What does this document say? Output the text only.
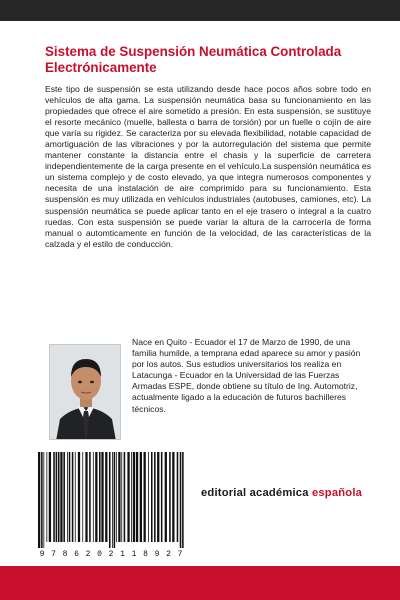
Sistema de Suspensión Neumática Controlada Electrónicamente

Este tipo de suspensión se esta utilizando desde hace pocos años sobre todo en vehículos de alta gama. La suspensión neumática basa su funcionamiento en las propiedades que ofrece el aire sometido a presión. En esta suspensión, se sustituye el resorte mecánico (muelle, ballesta o barra de torsión) por un fuelle o cojín de aire que varía su rigidez. Se caracteriza por su elevada flexibilidad, notable capacidad de amortiguación de las vibraciones y por la autorregulación del sistema que permite mantener constante la distancia entre el chasis y la superficie de carretera independientemente de la carga presente en el vehículo.La suspensión neumática es un sistema complejo y de costo elevado, ya que integra numerosos componentes y necesita de una instalación de aire comprimido para su funcionamiento. Esta suspensión es muy utilizada en vehículos industriales (autobuses, camiones, etc). La suspensión neumática se puede aplicar tanto en el eje trasero o integral a la cuatro ruedas. Con esta suspensión se puede variar la altura de la carrocería de forma manual o automticamente en función de la velocidad, de las características de la calzada y el estilo de conducción.

Nace en Quito - Ecuador el 17 de Marzo de 1990, de una familia humilde, a temprana edad aparece su amor y pasión por los autos. Sus estudios universitarios los realiza en Latacunga - Ecuador en la Universidad de las Fuerzas Armadas ESPE, donde obtiene su título de Ing. Automotriz, actualmente ligado a la educación de futuros bachilleres técnicos.

9 7 8 6 2 0 2 1 1 8 9 2 7
editorial académica española
